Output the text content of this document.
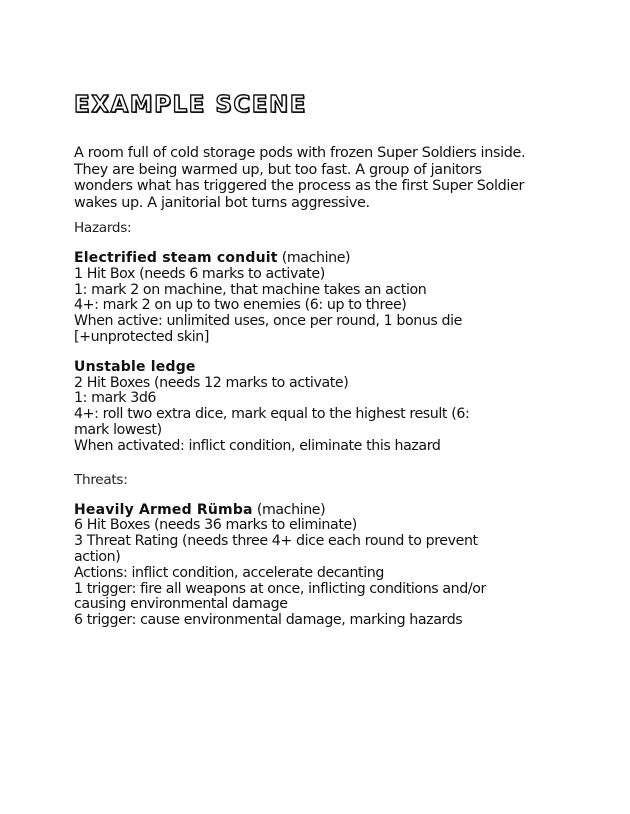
EXAMPLE SCENE

A room full of cold storage pods with frozen Super Soldiers inside. They are being warmed up, but too fast. A group of janitors wonders what has triggered the process as the first Super Soldier wakes up. A janitorial bot turns aggressive.

Hazards:

Electrified steam conduit (machine)

1 Hit Box (needs 6 marks to activate)

1: mark 2 on machine, that machine takes an action

4+: mark 2 on up to two enemies (6: up to three)

When active: unlimited uses, once per round, 1 bonus die

[+unprotected skin]

Unstable ledge

2 Hit Boxes (needs 12 marks to activate)

1: mark 3d6

4+: roll two extra dice, mark equal to the highest result (6:

mark lowest)

When activated: inflict condition, eliminate this hazard

Threats:

Heavily Armed Rümba (machine)

6 Hit Boxes (needs 36 marks to eliminate)

3 Threat Rating (needs three 4+ dice each round to prevent

action)

Actions: inflict condition, accelerate decanting

1 trigger: fire all weapons at once, inflicting conditions and/or

causing environmental damage

6 trigger: cause environmental damage, marking hazards
